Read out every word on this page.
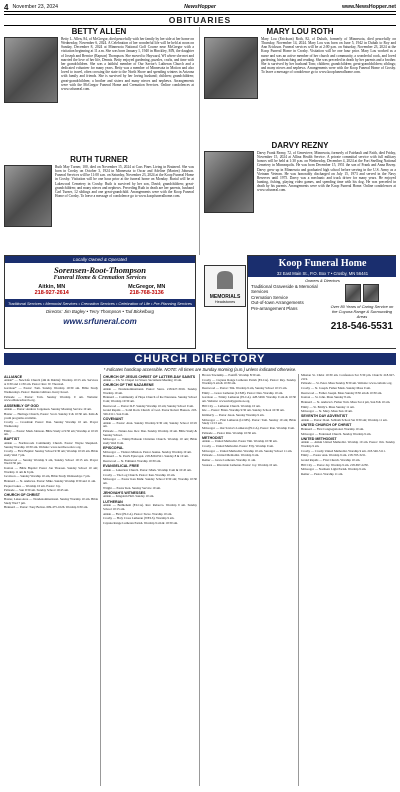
4 November 23, 2024	NewsHopper	www.NewsHopper.net
OBITUARIES
BETTY ALLEN
Betty L. Allen, 84, of McGregor, died peacefully with her family by her side at her home on Wednesday, November 6, 2024. A Celebration of her wonderful life will be held at noon on Sunday, December 8, 2024 at Minnesota National Golf Course near McGregor with a visitation beginning at 11 a.m. She was born January 1, 1940 in Hinckley, MN, the daughter of Joseph and Bernice (Rapson) Thompson. She moved to Hayward, WI where she met and married the love of her life, Dennis. Betty enjoyed gardening, puzzles, crafts, and time with her grandchildren. She was a faithful member of Our Savior's Lutheran Church and a dedicated volunteer for many years. Betty was a member of Minnesota in Motion and also loved to travel, often crossing the state to the North Shore and spending winters in Arizona with family and friends. She is survived by her loving husband; children; grandchildren; great-grandchildren; a brother and sisters and many nieces and nephews. Arrangements were with the McGregor Funeral Home and Cremation Services. Online condolences at www.srfuneral.com.
MARY LOU ROTH
Mary Lou (Erickson) Roth, 82, of Duluth, formerly of Minnesota, died peacefully on Thursday, November 14, 2024. Mary Lou was born on June 5, 1942 in Duluth to Roy and Ann Erickson. Funeral services will be at 2:00 p.m. on Saturday, November 23, 2024 at the Koop Funeral Home in Crosby. Visitation will be one hour prior. Mary Lou worked as a nurse and was an active member of her church and community, a wonderful cook, and loved gardening, birdwatching and reading. She was preceded in death by her parents and a brother. She is survived by her husband Tom; children; grandchildren; great-grandchildren; siblings; and many nieces and nephews. Arrangements were with the Koop Funeral Home of Crosby. To leave a message of condolence go to www.koopfuneralhome.com.
RUTH TURNER
Ruth May Turner, 100, died on November 15, 2024 at Cass Pines Living in Brainerd. She was born in Crosby on October 3, 1924 in Minnesota to Oscar and Adeline (Marten) Johnson. Funeral Services will be 11:00 a.m. on Saturday, November 23, 2024 at the Koop Funeral Home in Crosby. Visitation will be one hour prior at the funeral home on Monday. Burial will be at Lakewood Cemetery in Crosby. Ruth is survived by her son, David; grandchildren; great-grandchildren; and many nieces and nephews. Preceding Ruth in death are her parents, husband Carl Turner, 12 siblings and one great-grandchild. Arrangements were with the Koop Funeral Home of Crosby. To leave a message of condolence go to www.koopfuneralhome.com.
DARVY REZNY
Darvy Frank Rezny, 72, of Genevieve, Minnesota, formerly of Fairbault and Faith, died Friday, November 15, 2024 at Allina Health Service. A private committal service with full military honors will be held at 1:30 p.m. on Wednesday, December 4, 2024 at the Fort Snelling National Cemetery in Minneapolis. He was born December 15, 1951 the son of Frank and Anna Rezny. Darvy grew up in Minnesota and graduated high school before serving in the U.S. Army as a Vietnam Veteran. He was honorably discharged on July 15, 1973 and served in the Navy Reserves until 1975. Darvy was a mechanic and truck driver for many years. He enjoyed hunting, fishing, playing video games, and spending time with his dog. He was preceded in death by his parents. Arrangements were with the Koop Funeral Home. Online condolences at www.srfuneral.com.
Locally Owned & Operated
Sorensen-Root-Thompson
Funeral Home & Cremation Services
Aitkin, MN
218-927-2614
McGregor, MN
218-768-3136
Traditional Services • Memorial Services • Cremation Services • Celebration of Life • Pre-Planning Services
Director: Jim Bagley • Terry Thompson • Tad Bickelburg
www.srfuneral.com
MEMORIALS
Headstones
Koop Funeral Home
32 East Main St., P.O. Box 7 • Crosby, MN 56441
Owners & Directors
Traditional Graveside & Memorial Services
Cremation Service
Out-of-town Arrangements
Pre-arrangement Plans	Over 80 Years of Caring Service on the Cuyuna Range & Surrounding Areas
218-546-5531
CHURCH DIRECTORY
* Indicates handicap accessible. NOTE: All times are Sunday morning (a.m.) unless indicated otherwise.
ALLIANCE
Aitkin* — NewLife Church (4th & Dahlia): Worship 10:15 am. Services at 9:30 and 11:30 am. Pastor: Rev. W. Thorstad.
Garrison* — Pastor: Tom. Sunday Worship 10:30 am. Bible Study Wednesdays. Pastor: Dennis Gilmore. Kerry Kosel.
Palisade — Pastor: Tom. Sunday Worship 9 am. Website: www.alliancechurch.org.
ASSEMBLY OF GOD
Aitkin — Pastor: Andrew Jorgensen. Sunday Morning Service 10 am.
Baxter — Heritage Church, Pastor: Scott. Sunday 9 & 10:30 am. Kids & youth programs available.
Crosby — Crosslink: Pastor: Dan. Sunday Worship 10 am. Prayer Wednesday.
Emily — Pastor: Mark Johnson. Bible Study at 9:30 am; Worship at 10:45 am.
BAPTIST
Aitkin — Northwoods Community Church. Pastor: Wayne Shepherd. Sunday Worship 10:30 am. Website: www.northwoodscc.org.
Crosby — First Baptist: Sunday School 9:30 am; Worship 10:45 am. Bible study Wed 7 pm.
Deerwood — Sunday Worship 9 am, Sunday School 10:15 am. Prayer Wed 6:30 pm.
Ironton — Bible Baptist: Pastor Jon Thoreen. Sunday School 10 am; Worship 11 am & 6 pm.
Jacobson — Sunday Worship 10 am, Bible Study Wednesdays 7 pm.
Brainerd — St. Andrews. Pastor: Mike. Sunday Worship 9:30 and 11 am.
Pequot Lakes — Worship 10 am. Pastor: Jay.
Palisade — Sun 9:30 am. Sunday School 10:45 am.
CHURCH OF CHRIST
Baxter, Lakes Area — Nondenominational. Sunday Worship 10 am. Bible Study Wed 7 pm.
Brainerd — Pastor: Tony Bolton. 609-475-1026. Worship 9:30 am.
CHURCH OF JESUS CHRIST OF LATTER-DAY SAINTS
Aitkin — Ch. St. Chapel 1st Street. Sacrament Meeting 10 am.
CHURCH OF THE NAZARENE
Aitkin — Nondenominational. Pastor: Steve. 218-927-3016. Sunday Worship 10 am.
Brainerd — Community of Hope Church of the Nazarene. Sunday School 9 am; Worship 10:30 am.
Deerwood — Pastor: R.F. Sunday Worship 10 am; Sunday School 9 am.
Grand Rapids — Solid Rock Church of God. Pastor Robert Hanson. 218-326-0111. Sun 9 am.
COVENANT
Aitkin — Pastor: Alan. Sunday Worship 9:30 am; Sunday School 10:45 am.
Palisade — Nature Ave. Rev. Dan. Sunday Worship 10 am. Bible Study & Sunday School.
McGregor — Trinity/Palisade Christian Church. Worship 10 am; Bible study Wed 9 am.
EPISCOPAL
McGregor — Visitors Mission. Pastor Jeanne. Sunday Worship 10 am.
Brainerd — St. Paul's Episcopal. 218-829-0521. Sunday 8 & 10 am.
Deerwood — St. Edmund. Worship 10:30 am.
EVANGELICAL FREE
Aitkin — Lakeview Church. Pastor: Mark. Worship 9 am & 10:45 am.
Crosby — The Log Church. Pastor: Ken. Worship 10 am.
McGregor — Pastor Ken Mahr. Sunday School 9:30 am; Worship 10:30 am.
Wright — Pastor Ken. Sunday Service 10 am.
JEHOVAH'S WITNESSES
Aitkin — Kingdom Hall. Sunday 10 am.
LUTHERAN
Aitkin — Bethlehem (ELCA). Rev. Rebecca. Worship 9 am. Sunday School 10:15 am.
Aitkin — First (ELCA). Pastor: Steve. Worship 10 am.
Crosby — Holy Cross Lutheran (WELS). Worship 9 am.
Cuyuna Range Lutheran Parish. Worship 9 am & 10:30 am.
Brown Township — Pontiff. Worship 8:30 am.
Crosby — Cuyuna Range Lutheran Parish (ELCA). Pastor: Ray. Sunday Worship 9 am & 10:30 am.
Deerwood — Pastor: Tim. Worship 9 am, Sunday School 10:15 am.
Emily — Grace Lutheran (LCMS). Pastor: Dan. Worship 10 am.
Garrison — Trinity Lutheran (ELCA). 428-5490. Worship 9 am & 10:30 am. Website: www.trinitygarrison.org.
Hill City — Lutheran Church. Worship 10 am.
Isle — Pastor: Brian. Worship 9:30 am. Sunday School 10:30 am.
Kimberly — Pastor Jason. Sunday Worship 9 am.
McGregor — First Lutheran (LCMS). Pastor: Tom. Sunday 10 am; Bible Study 11:15 am.
McGregor — Our Savior's Lutheran (ELCA). Pastor: Ron. Worship 9 am.
Palisade — Pastor Rita. Worship 10:30 am.
METHODIST
Aitkin — United Methodist. Pastor Tim. Worship 10:30 am.
Crosby — United Methodist. Pastor: Elly. Worship 9 am.
McGregor — United Methodist. Worship 10 am. Sunday School 11 am.
Palisade — United Methodist. Worship 9 am.
Remer — Grace Lutheran. Worship 11 am.
Swatara — Riverside Lutheran. Pastor: Joy. Worship 10 am.
Mission Sr. Christ 10:30 am. Confession Sat 3:30 pm. Church: 218-927-2119.
Palisade — St. Peter. Mass Sunday 8:30 am. Website: www.catholic.org.
Crosby — St. Joseph. Father Mark. Sunday Mass 9 am.
Deerwood — Father Joseph. Mass Sunday 8:30 am & 10:30 am.
Ironton — St. John. Mass Sunday 8 am.
Brainerd — St. Andrew's. Father Tom. Mass Sat 4 pm, Sun 8 & 10 am.
Emily — St. Emily's. Mass Sunday 11 am.
McGregor — St. Mary. Mass Sun 10 am.
SEVENTH DAY ADVENTIST
Aitkin — Pastor: Raul. Sabbath School Sat 9:30 am; Worship 11 am.
UNITED CHURCH OF CHRIST
Brainerd — First Congregational. Worship 10 am.
McGregor — Federated Church. Sunday Worship 9 am.
UNITED METHODIST
Aitkin — Aitkin United Methodist. Worship 10 am. Pastor: Jim. Sunday Worship 9 am.
Crosby — Crosby United Methodist. Worship 9 am. 218-546-5111.
Emily — Pastor Ann. Worship 9 am. 218-763-3211.
Grand Rapids — First Church. Worship 10 am.
Hill City — Pastor Jay. Worship 9 am. 218-697-2230.
McGregor — Northern Light Parish. Worship 9 am.
Remer — Pastor. Worship 11 am.
